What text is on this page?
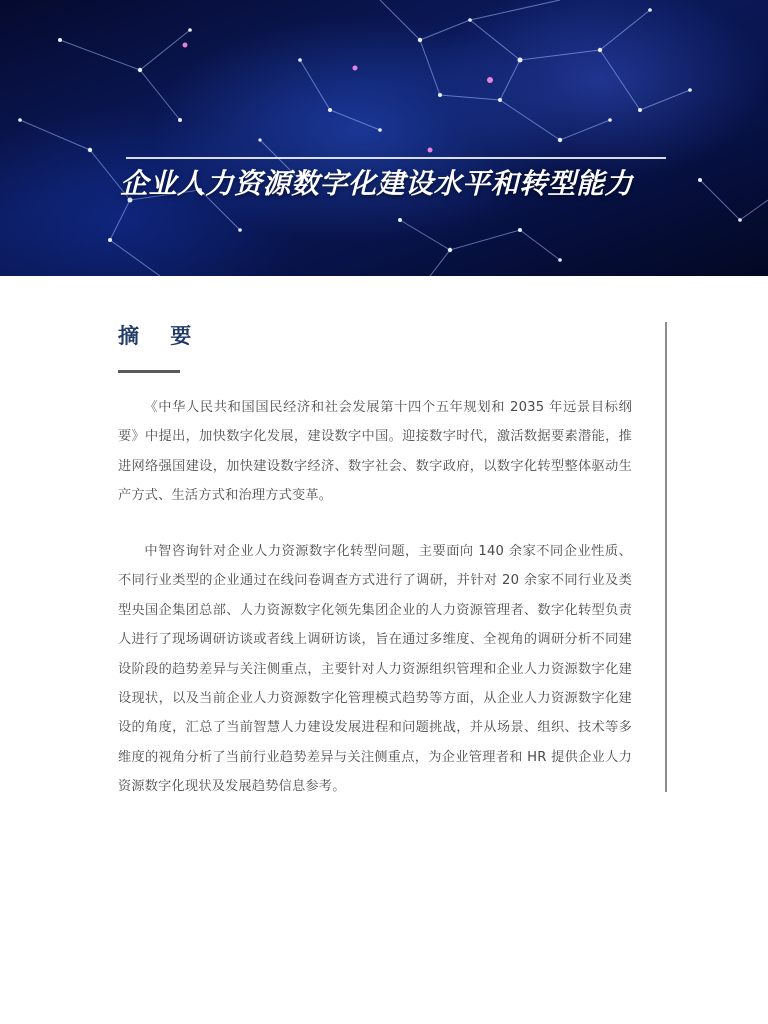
企业人力资源数字化建设水平和转型能力
摘 要

《中华人民共和国国民经济和社会发展第十四个五年规划和 2035 年远景目标纲要》中提出，加快数字化发展，建设数字中国。迎接数字时代，激活数据要素潜能，推进网络强国建设，加快建设数字经济、数字社会、数字政府，以数字化转型整体驱动生产方式、生活方式和治理方式变革。

中智咨询针对企业人力资源数字化转型问题，主要面向 140 余家不同企业性质、不同行业类型的企业通过在线问卷调查方式进行了调研，并针对 20 余家不同行业及类型央国企集团总部、人力资源数字化领先集团企业的人力资源管理者、数字化转型负责人进行了现场调研访谈或者线上调研访谈，旨在通过多维度、全视角的调研分析不同建设阶段的趋势差异与关注侧重点，主要针对人力资源组织管理和企业人力资源数字化建设现状，以及当前企业人力资源数字化管理模式趋势等方面，从企业人力资源数字化建设的角度，汇总了当前智慧人力建设发展进程和问题挑战，并从场景、组织、技术等多维度的视角分析了当前行业趋势差异与关注侧重点，为企业管理者和 HR 提供企业人力资源数字化现状及发展趋势信息参考。
